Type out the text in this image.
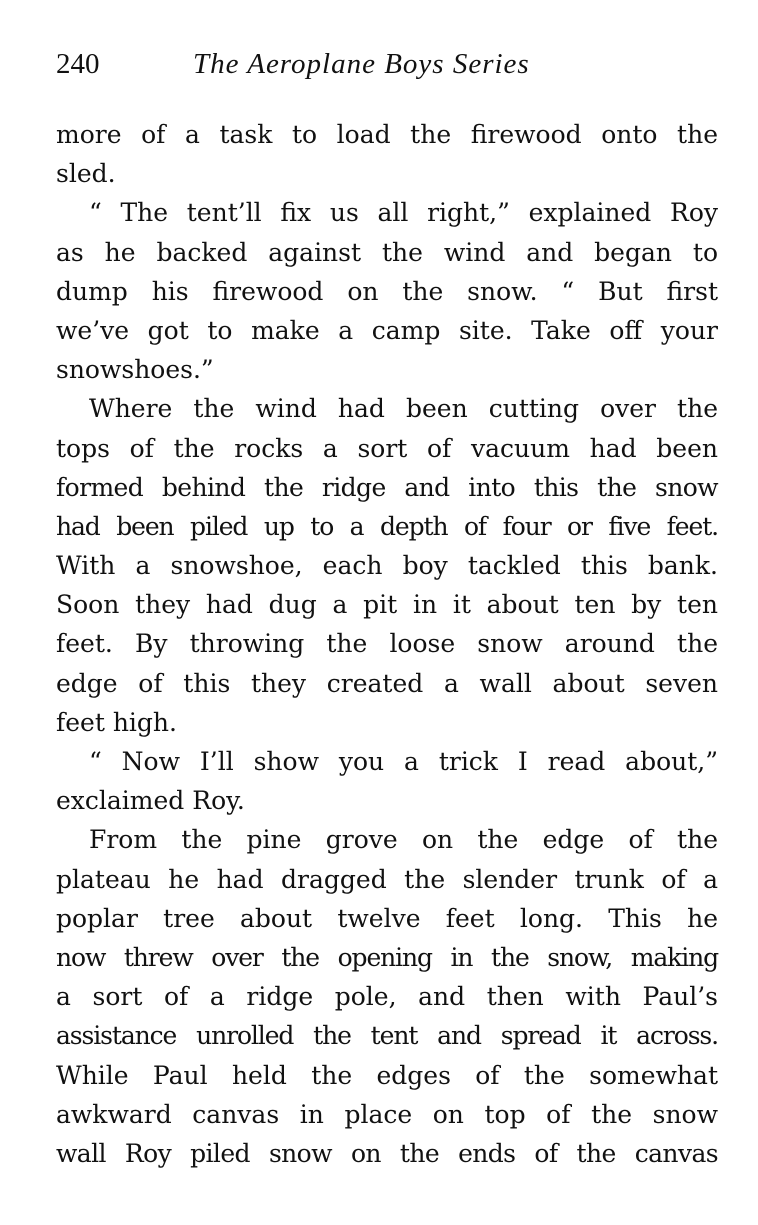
240	The Aeroplane Boys Series
more of a task to load the firewood onto the
sled.
“ The tent’ll fix us all right,” explained Roy
as he backed against the wind and began to
dump his firewood on the snow. “ But first
we’ve got to make a camp site. Take off your
snowshoes.”
Where the wind had been cutting over the
tops of the rocks a sort of vacuum had been
formed behind the ridge and into this the snow
had been piled up to a depth of four or five feet.
With a snowshoe, each boy tackled this bank.
Soon they had dug a pit in it about ten by ten
feet. By throwing the loose snow around the
edge of this they created a wall about seven
feet high.
“ Now I’ll show you a trick I read about,”
exclaimed Roy.
From the pine grove on the edge of the
plateau he had dragged the slender trunk of a
poplar tree about twelve feet long. This he
now threw over the opening in the snow, making
a sort of a ridge pole, and then with Paul’s
assistance unrolled the tent and spread it across.
While Paul held the edges of the somewhat
awkward canvas in place on top of the snow
wall Roy piled snow on the ends of the canvas
